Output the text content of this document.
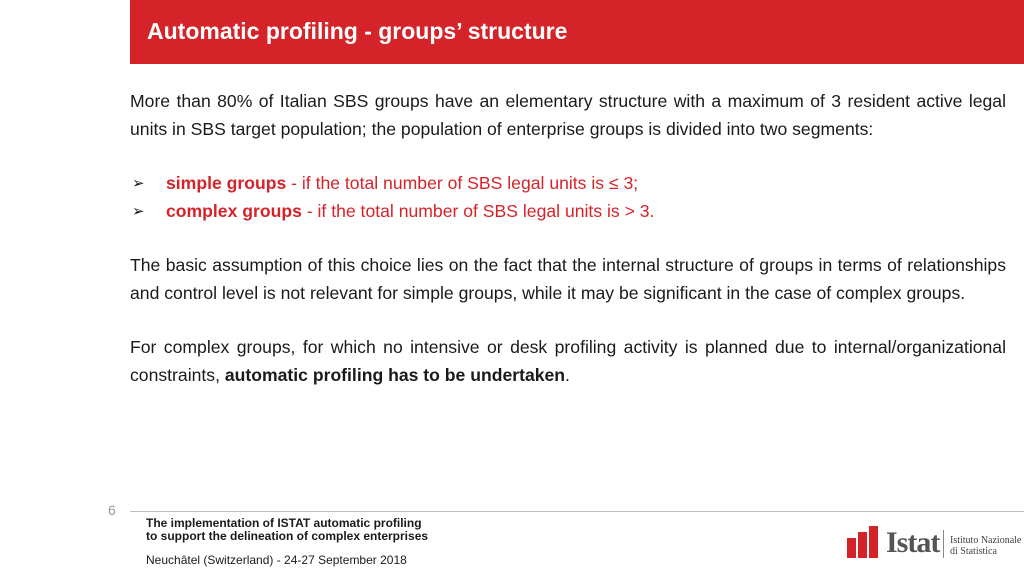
Automatic profiling - groups’ structure

More than 80% of Italian SBS groups have an elementary structure with a maximum of 3 resident active legal units in SBS target population; the population of enterprise groups is divided into two segments:

➢ simple groups - if the total number of SBS legal units is ≤ 3;
➢ complex groups - if the total number of SBS legal units is > 3.

The basic assumption of this choice lies on the fact that the internal structure of groups in terms of relationships and control level is not relevant for simple groups, while it may be significant in the case of complex groups.

For complex groups, for which no intensive or desk profiling activity is planned due to internal/organizational constraints, automatic profiling has to be undertaken.

6
The implementation of ISTAT automatic profiling
to support the delineation of complex enterprises
Neuchâtel (Switzerland) - 24-27 September 2018
Istat Istituto Nazionale
di Statistica
